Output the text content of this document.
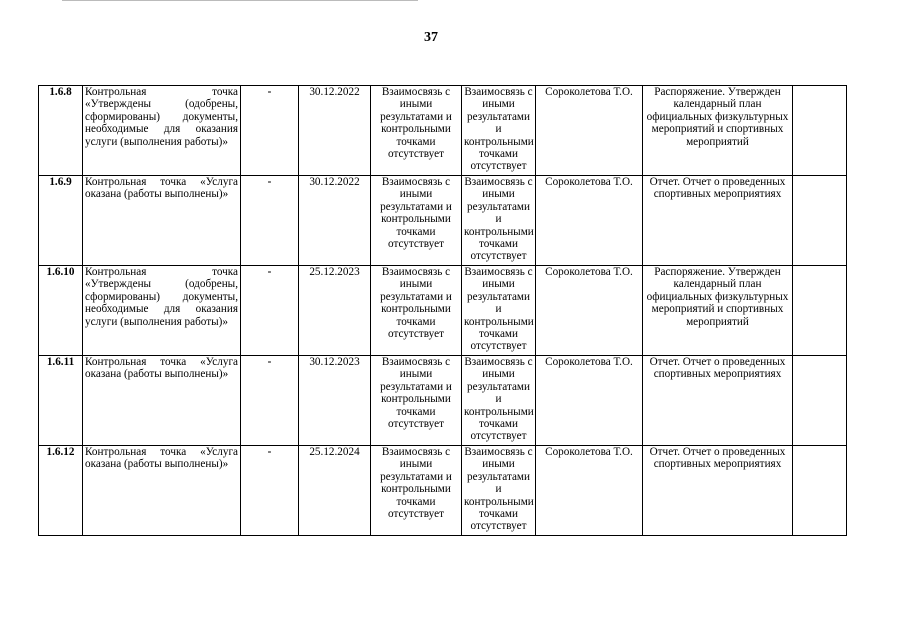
37
1.6.8	Контрольная точка «Утверждены (одобрены, сформированы) документы, необходимые для оказания услуги (выполнения работы)»	-	30.12.2022	Взаимосвязь с иными результатами и контрольными точками отсутствует	Взаимосвязь с иными результатами и контрольными точками отсутствует	Сороколетова Т.О.	Распоряжение. Утвержден календарный план официальных физкультурных мероприятий и спортивных мероприятий	
1.6.9	Контрольная точка «Услуга оказана (работы выполнены)»	-	30.12.2022	Взаимосвязь с иными результатами и контрольными точками отсутствует	Взаимосвязь с иными результатами и контрольными точками отсутствует	Сороколетова Т.О.	Отчет. Отчет о проведенных спортивных мероприятиях	
1.6.10	Контрольная точка «Утверждены (одобрены, сформированы) документы, необходимые для оказания услуги (выполнения работы)»	-	25.12.2023	Взаимосвязь с иными результатами и контрольными точками отсутствует	Взаимосвязь с иными результатами и контрольными точками отсутствует	Сороколетова Т.О.	Распоряжение. Утвержден календарный план официальных физкультурных мероприятий и спортивных мероприятий	
1.6.11	Контрольная точка «Услуга оказана (работы выполнены)»	-	30.12.2023	Взаимосвязь с иными результатами и контрольными точками отсутствует	Взаимосвязь с иными результатами и контрольными точками отсутствует	Сороколетова Т.О.	Отчет. Отчет о проведенных спортивных мероприятиях	
1.6.12	Контрольная точка «Услуга оказана (работы выполнены)»	-	25.12.2024	Взаимосвязь с иными результатами и контрольными точками отсутствует	Взаимосвязь с иными результатами и контрольными точками отсутствует	Сороколетова Т.О.	Отчет. Отчет о проведенных спортивных мероприятиях	
